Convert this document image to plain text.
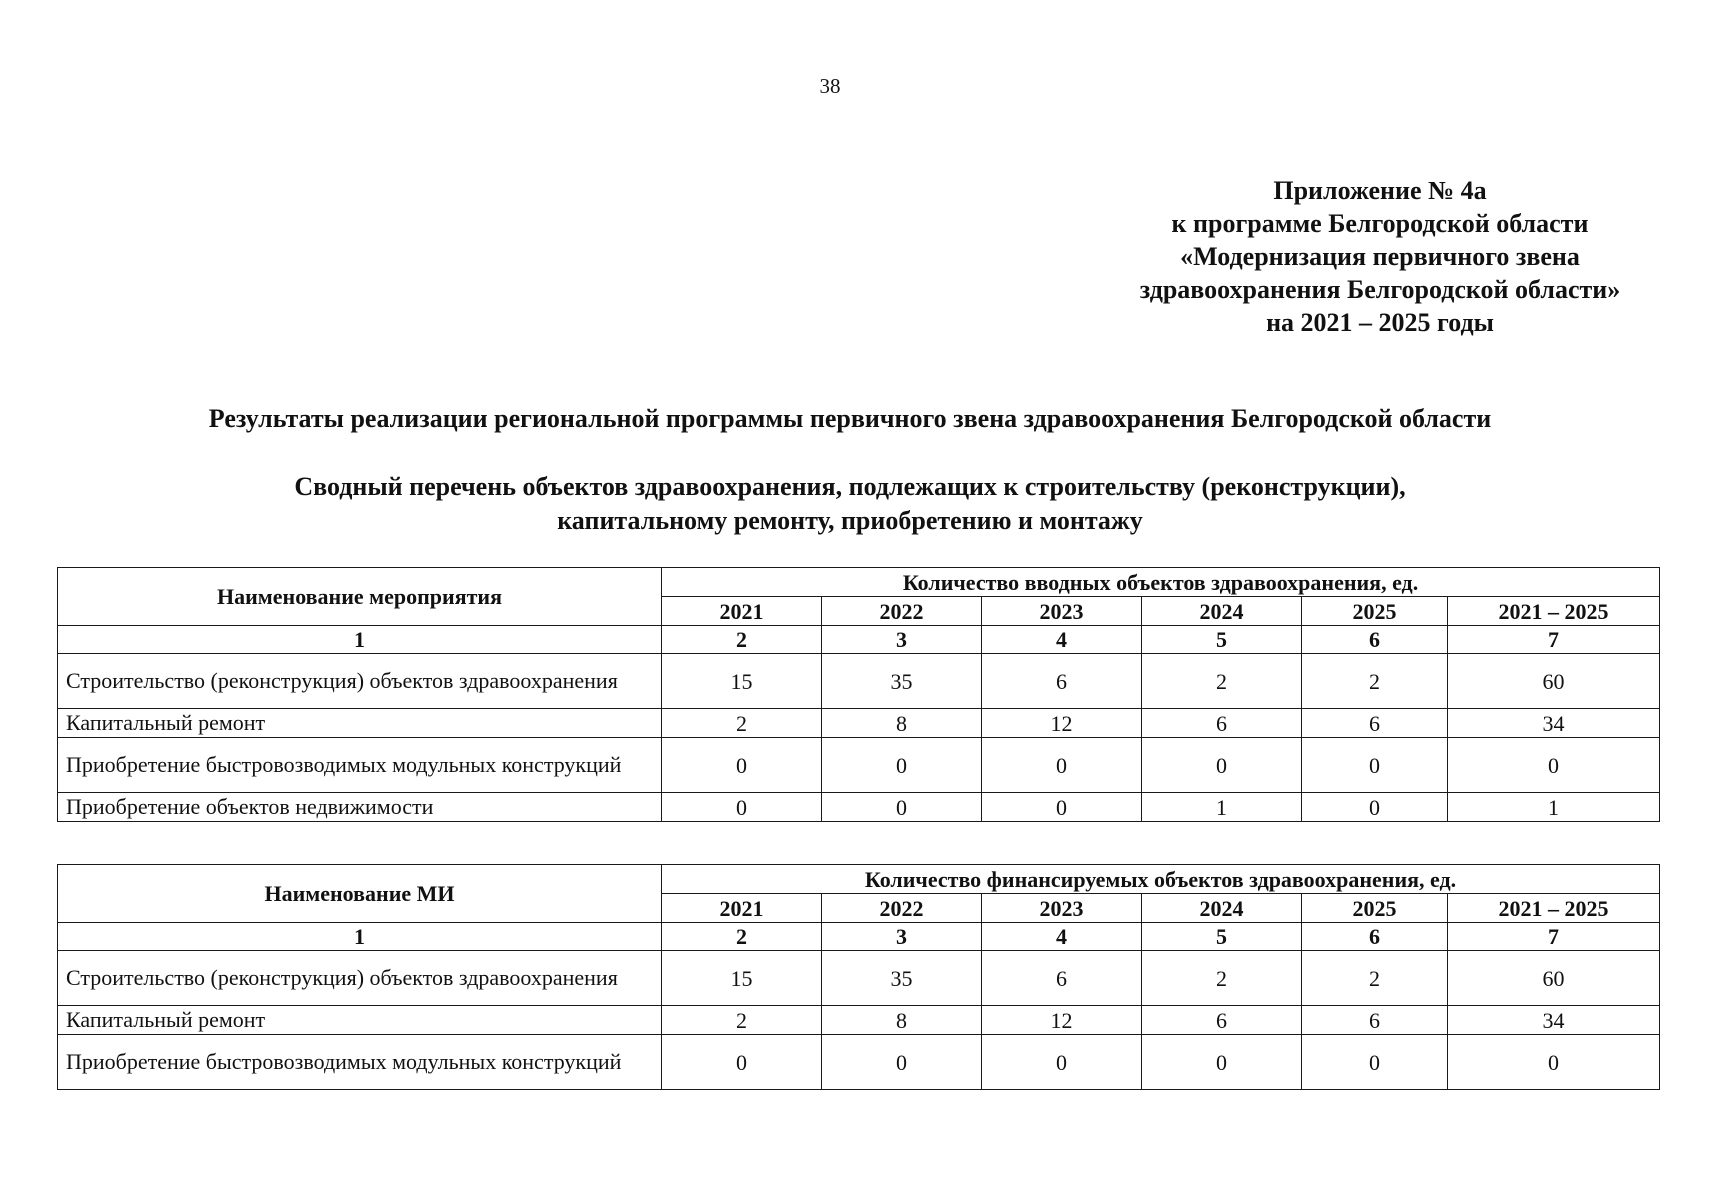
38
Приложение № 4а
к программе Белгородской области
«Модернизация первичного звена
здравоохранения Белгородской области»
на 2021 – 2025 годы
Результаты реализации региональной программы первичного звена здравоохранения Белгородской области
Сводный перечень объектов здравоохранения, подлежащих к строительству (реконструкции),
капитальному ремонту, приобретению и монтажу
Наименование мероприятия	Количество вводных объектов здравоохранения, ед.					
	2021	2022	2023	2024	2025	2021 – 2025
1	2	3	4	5	6	7
Строительство (реконструкция) объектов здравоохранения	15	35	6	2	2	60
Капитальный ремонт	2	8	12	6	6	34
Приобретение быстровозводимых модульных конструкций	0	0	0	0	0	0
Приобретение объектов недвижимости	0	0	0	1	0	1
Наименование МИ	Количество финансируемых объектов здравоохранения, ед.					
	2021	2022	2023	2024	2025	2021 – 2025
1	2	3	4	5	6	7
Строительство (реконструкция) объектов здравоохранения	15	35	6	2	2	60
Капитальный ремонт	2	8	12	6	6	34
Приобретение быстровозводимых модульных конструкций	0	0	0	0	0	0
